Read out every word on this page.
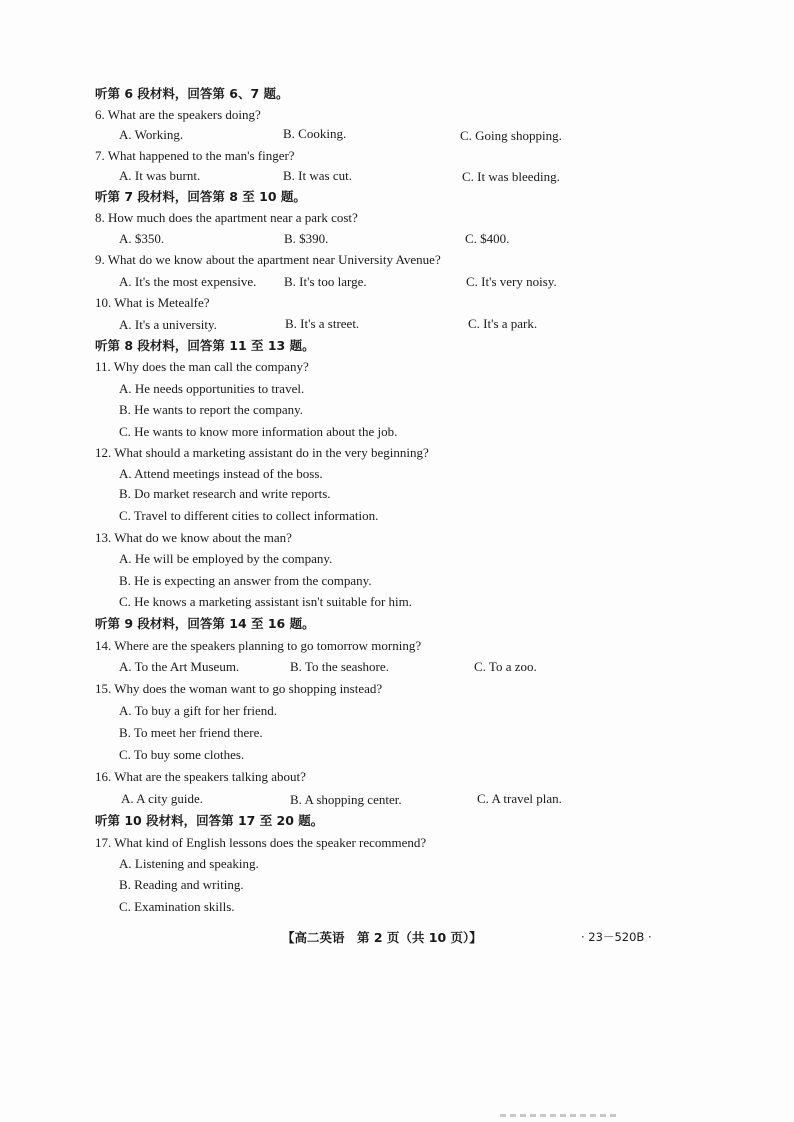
听第 6 段材料，回答第 6、7 题。
6. What are the speakers doing?
A. Working.	B. Cooking.	C. Going shopping.
7. What happened to the man's finger?
A. It was burnt.	B. It was cut.	C. It was bleeding.
听第 7 段材料，回答第 8 至 10 题。
8. How much does the apartment near a park cost?
A. $350.	B. $390.	C. $400.
9. What do we know about the apartment near University Avenue?
A. It's the most expensive. B. It's too large.	C. It's very noisy.
10. What is Metealfe?
A. It's a university.	B. It's a street.	C. It's a park.
听第 8 段材料，回答第 11 至 13 题。
11. Why does the man call the company?
A. He needs opportunities to travel.
B. He wants to report the company.
C. He wants to know more information about the job.
12. What should a marketing assistant do in the very beginning?
A. Attend meetings instead of the boss.
B. Do market research and write reports.
C. Travel to different cities to collect information.
13. What do we know about the man?
A. He will be employed by the company.
B. He is expecting an answer from the company.
C. He knows a marketing assistant isn't suitable for him.
听第 9 段材料，回答第 14 至 16 题。
14. Where are the speakers planning to go tomorrow morning?
A. To the Art Museum.	B. To the seashore.	C. To a zoo.
15. Why does the woman want to go shopping instead?
A. To buy a gift for her friend.
B. To meet her friend there.
C. To buy some clothes.
16. What are the speakers talking about?
A. A city guide.	B. A shopping center.	C. A travel plan.
听第 10 段材料，回答第 17 至 20 题。
17. What kind of English lessons does the speaker recommend?
A. Listening and speaking.
B. Reading and writing.
C. Examination skills.
【高二英语　第 2 页（共 10 页）】	· 23－520B ·
